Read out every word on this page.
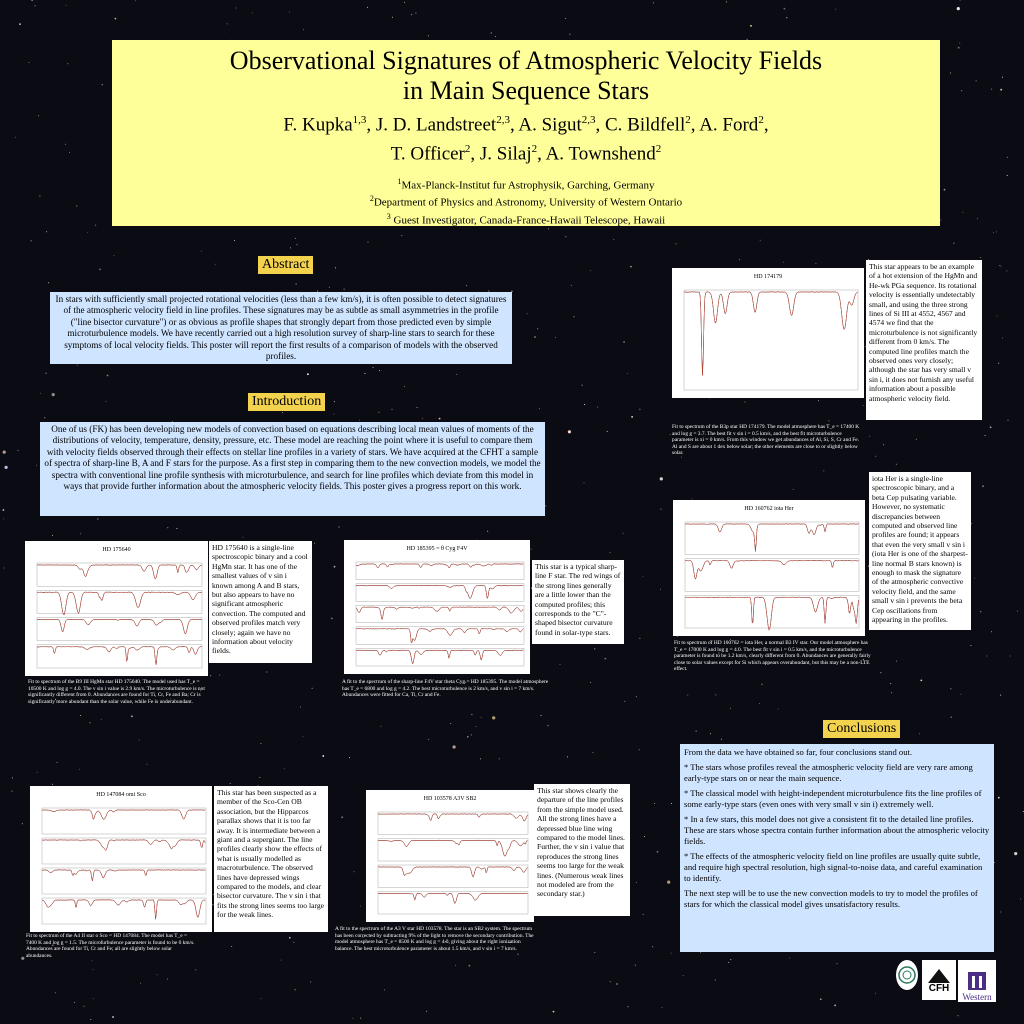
Observational Signatures of Atmospheric Velocity Fields
in Main Sequence Stars
F. Kupka$^{1,3}$, J. D. Landstreet$^{2,3}$, A. Sigut$^{2,3}$, C. Bildfell$^2$, A. Ford$^2$,
T. Officer$^2$, J. Silaj$^2$, A. Townshend$^2$
$^1$Max-Planck-Institut fur Astrophysik, Garching, Germany
$^2$Department of Physics and Astronomy, University of Western Ontario
$^3$ Guest Investigator, Canada-France-Hawaii Telescope, Hawaii
Abstract
In stars with sufficiently small projected rotational velocities (less than a few km/s), it is often possible to detect signatures of the atmospheric velocity field in line profiles. These signatures may be as subtle as small asymmetries in the profile ("line bisector curvature") or as obvious as profile shapes that strongly depart from those predicted even by simple microturbulence models. We have recently carried out a high resolution survey of sharp-line stars to search for these symptoms of local velocity fields. This poster will report the first results of a comparison of models with the observed profiles.
Introduction
One of us (FK) has been developing new models of convection based on equations describing local mean values of moments of the distributions of velocity, temperature, density, pressure, etc. These model are reaching the point where it is useful to compare them with velocity fields observed through their effects on stellar line profiles in a variety of stars. We have acquired at the CFHT a sample of spectra of sharp-line B, A and F stars for the purpose. As a first step in comparing them to the new convection models, we model the spectra with conventional line profile synthesis with microturbulence, and search for line profiles which deviate from this model in ways that provide further information about the atmospheric velocity fields. This poster gives a progress report on this work.
HD 175640	HD 175640 is a single-line spectroscopic binary and a cool HgMn star. It has one of the smallest values of v sin i known among A and B stars, but also appears to have no significant atmospheric convection. The computed and observed profiles match very closely; again we have no information about velocity fields.
Fit to spectrum of the B9 III HgMn star HD 175640. The model used has T_e = 10500 K and log g = 4.0. The v sin i value is 2.9 km/s. The microturbulence is not significantly different from 0. Abundances are found for Ti, Cr, Fe and Ba; Cr is significantly more abundant than the solar value, while Fe is underabundant.
HD 185395 = θ Cyg F4V
This star is a typical sharp-line F star. The red wings of the strong lines generally are a little lower than the computed profiles; this corresponds to the "C"-shaped bisector curvature found in solar-type stars.
A fit to the spectrum of the sharp-line F4V star theta Cyg = HD 185395. The model atmosphere has T_e = 6800 and log g = 4.2. The best microturbulence is 2 km/s, and v sin i = 7 km/s. Abundances were fitted for Ca, Ti, Cr and Fe.
HD 174179
This star appears to be an example of a hot extension of the HgMn and He-wk PGa sequence. Its rotational velocity is essentially undetectably small, and using the three strong lines of Si III at 4552, 4567 and 4574 we find that the microturbulence is not significantly different from 0 km/s. The computed line profiles match the observed ones very closely; although the star has very small v sin i, it does not furnish any useful information about a possible atmospheric velocity field.
Fit to spectrum of the B3p star HD 174179. The model atmosphere has T_e = 17400 K and log g = 3.7. The best fit v sin i = 0.5 km/s, and the best fit microturbulence parameter is xi = 0 km/s. From this window we get abundances of Al, Si, S, Cr and Fe. Al and S are about 1 dex below solar; the other elements are close to or slightly below solar.
HD 160762 iota Her
iota Her is a single-line spectroscopic binary, and a beta Cep pulsating variable. However, no systematic discrepancies between computed and observed line profiles are found; it appears that even the very small v sin i (iota Her is one of the sharpest-line normal B stars known) is enough to mask the signature of the atmospheric convective velocity field, and the same small v sin i prevents the beta Cep oscillations from appearing in the profiles.
Fit to spectrum of HD 160762 = iota Her, a normal B3 IV star. Our model atmosphere has T_e = 17000 K and log g = 4.0. The best fit v sin i = 0.5 km/s, and the microturbulence parameter is found to be 1.2 km/s, clearly different from 0. Abundances are generally fairly close to solar values except for Si which appears overabundant, but this may be a non-LTE effect.
Conclusions

From the data we have obtained so far, four conclusions stand out.

* The stars whose profiles reveal the atmospheric velocity field are very rare among early-type stars on or near the main sequence.

* The classical model with height-independent microturbulence fits the line profiles of some early-type stars (even ones with very small v sin i) extremely well.

* In a few stars, this model does not give a consistent fit to the detailed line profiles. These are stars whose spectra contain further information about the atmospheric velocity fields.

* The effects of the atmospheric velocity field on line profiles are usually quite subtle, and require high spectral resolution, high signal-to-noise data, and careful examination to identify.

The next step will be to use the new convection models to try to model the profiles of stars for which the classical model gives unsatisfactory results.

HD 147084 omi Sco	This star has been suspected as a member of the Sco-Cen OB association, but the Hipparcos parallax shows that it is too far away. It is intermediate between a giant and a supergiant. The line profiles clearly show the effects of what is usually modelled as macroturbulence. The observed lines have depressed wings compared to the models, and clear bisector curvature. The v sin i that fits the strong lines seems too large for the weak lines.
Fit to spectrum of the A4 II star o Sco = HD 147084. The model has T_e = 7400 K and log g = 1.5. The microturbulence parameter is found to be 0 km/s. Abundances are found for Ti, Cr and Fe; all are slightly below solar abundances.
HD 103578 A3V SB2
This star shows clearly the departure of the line profiles from the simple model used. All the strong lines have a depressed blue line wing compared to the model lines. Further, the v sin i value that reproduces the strong lines seems too large for the weak lines. (Numerous weak lines not modeled are from the secondary star.)
A fit to the spectrum of the A3 V star HD 103578. The star is an SB2 system. The spectrum has been corrected by subtracting 9% of the light to remove the secondary contribution. The model atmosphere has T_e = 8500 K and log g = 4.0, giving about the right ionization balance. The best microturbulence parameter is about 1.5 km/s, and v sin i = 7 km/s.
CFH
Western
